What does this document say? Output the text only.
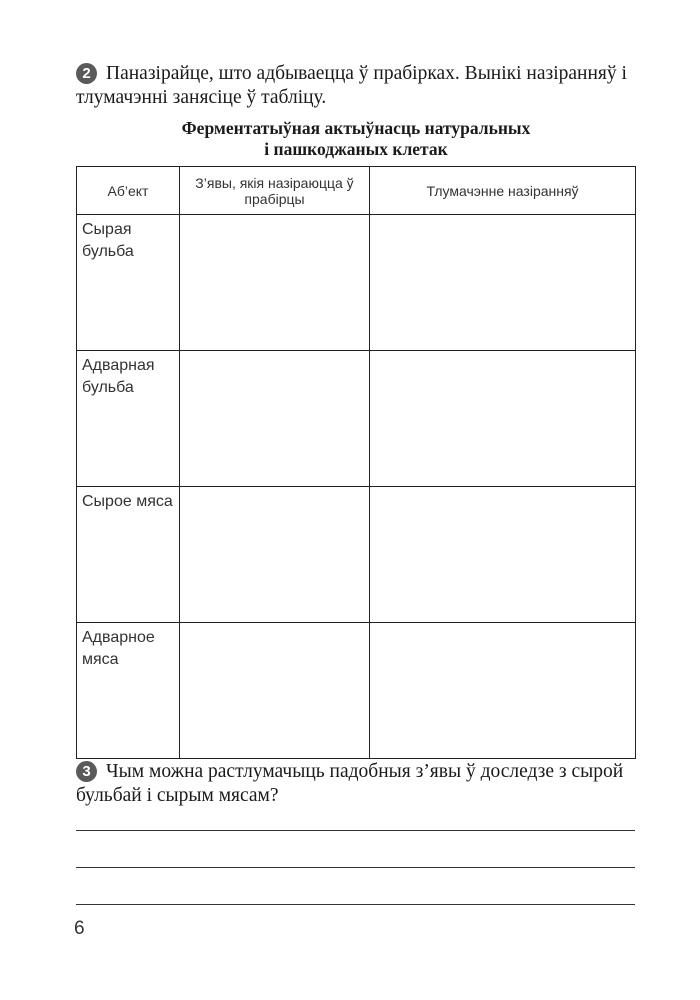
2 Паназірайце, што адбываецца ў прабірках. Вынікі назіранняў і тлумачэнні занясіце ў табліцу.
Ферментатыўная актыўнасць натуральных
і пашкоджаных клетак
Аб’ект	З’явы, якія назіраюцца ў прабірцы	Тлумачэнне назіранняў
Сырая бульба		
Адварная бульба		
Сырое мяса		
Адварное мяса		
3 Чым можна растлумачыць падобныя з’явы ў доследзе з сырой бульбай і сырым мясам?
6
